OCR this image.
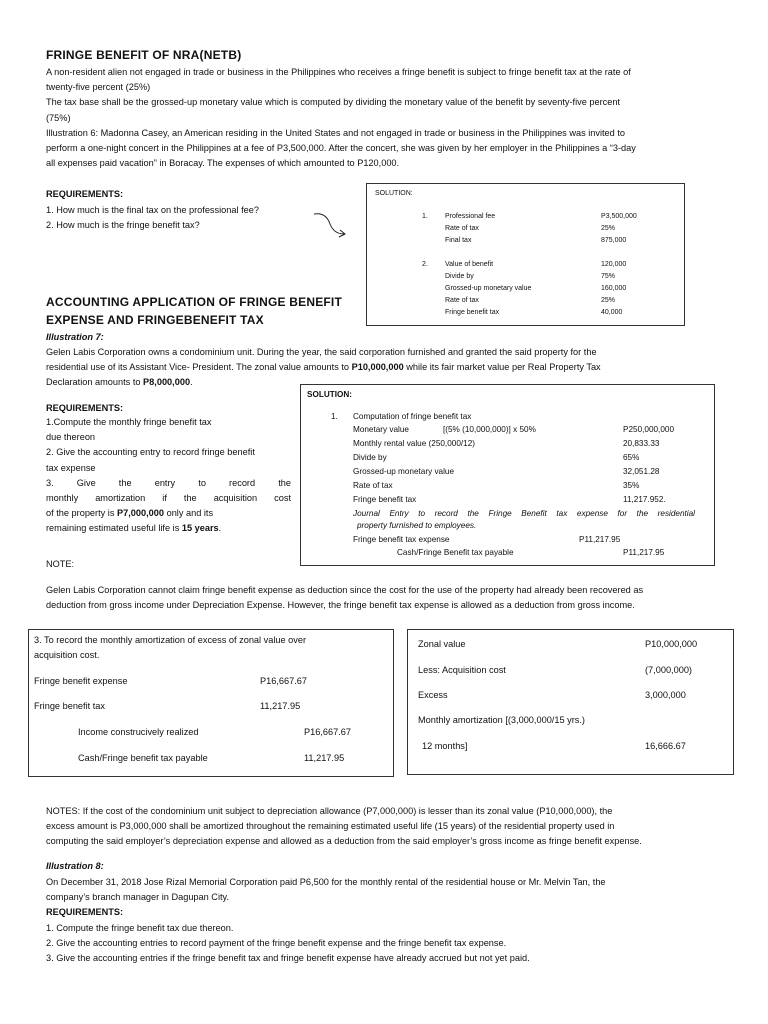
FRINGE BENEFIT OF NRA(NETB)
A non-resident alien not engaged in trade or business in the Philippines who receives a fringe benefit is subject to fringe benefit tax at the rate of
twenty-five percent (25%)
The tax base shall be the grossed-up monetary value which is computed by dividing the monetary value of the benefit by seventy-five percent
(75%)
Illustration 6: Madonna Casey, an American residing in the United States and not engaged in trade or business in the Philippines was invited to
perform a one-night concert in the Philippines at a fee of P3,500,000. After the concert, she was given by her employer in the Philippines a “3-day
all expenses paid vacation” in Boracay. The expenses of which amounted to P120,000.
REQUIREMENTS:
1. How much is the final tax on the professional fee?
2. How much is the fringe benefit tax?
SOLUTION:
1. Professional fee	P3,500,000
Rate of tax	25%
Final tax	875,000
2. Value of benefit	120,000
Divide by	75%
Grossed-up monetary value	160,000
Rate of tax	25%
Fringe benefit tax	40,000
ACCOUNTING APPLICATION OF FRINGE BENEFIT
EXPENSE AND FRINGEBENEFIT TAX
Illustration 7:
Gelen Labis Corporation owns a condominium unit. During the year, the said corporation furnished and granted the said property for the
residential use of its Assistant Vice- President. The zonal value amounts to P10,000,000 while its fair market value per Real Property Tax
Declaration amounts to P8,000,000.
REQUIREMENTS:
1.Compute the monthly fringe benefit tax
due thereon
2. Give the accounting entry to record fringe benefit
tax expense
3. Give the entry to record the
monthly amortization if the acquisition cost
of the property is P7,000,000 only and its
remaining estimated useful life is 15 years.
NOTE:
SOLUTION:
1. Computation of fringe benefit tax
Monetary value	[(5% (10,000,000)] x 50%	P250,000,000
Monthly rental value (250,000/12)	20,833.33
Divide by	65%
Grossed-up monetary value	32,051.28
Rate of tax	35%
Fringe benefit tax	11,217.952.
Journal Entry to record the Fringe Benefit tax expense for the residential
property furnished to employees.
Fringe benefit tax expense	P11,217.95
Cash/Fringe Benefit tax payable	P11,217.95
Gelen Labis Corporation cannot claim fringe benefit expense as deduction since the cost for the use of the property had already been recovered as
deduction from gross income under Depreciation Expense. However, the fringe benefit tax expense is allowed as a deduction from gross income.
3. To record the monthly amortization of excess of zonal value over
acquisition cost.
Fringe benefit expense	P16,667.67
Fringe benefit tax	11,217.95
Income construcively realized	P16,667.67
Cash/Fringe benefit tax payable	11,217.95
Zonal value	P10,000,000
Less: Acquisition cost	(7,000,000)
Excess	3,000,000
Monthly amortization [(3,000,000/15 yrs.)
12 months]	16,666.67
NOTES: If the cost of the condominium unit subject to depreciation allowance (P7,000,000) is lesser than its zonal value (P10,000,000), the
excess amount is P3,000,000 shall be amortized throughout the remaining estimated useful life (15 years) of the residential property used in
computing the said employer’s depreciation expense and allowed as a deduction from the said employer’s gross income as fringe benefit expense.
Illustration 8:
On December 31, 2018 Jose Rizal Memorial Corporation paid P6,500 for the monthly rental of the residential house or Mr. Melvin Tan, the
company’s branch manager in Dagupan City.
REQUIREMENTS:
1. Compute the fringe benefit tax due thereon.
2. Give the accounting entries to record payment of the fringe benefit expense and the fringe benefit tax expense.
3. Give the accounting entries if the fringe benefit tax and fringe benefit expense have already accrued but not yet paid.
